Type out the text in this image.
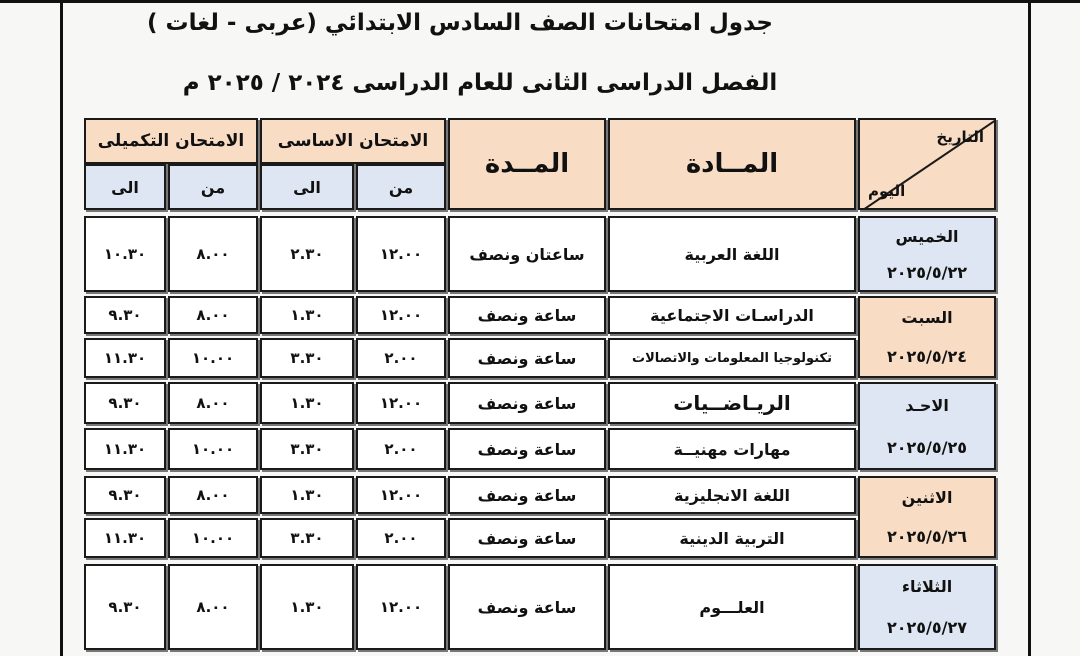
جدول امتحانات الصف السادس الابتدائي (عربى - لغات )
الفصل الدراسى الثانى للعام الدراسى ٢٠٢٤ / ٢٠٢٥ م
التاريخ
اليوم
المــادة
المــدة
الامتحان الاساسى
الامتحان التكميلى
من
الى
من
الى
الخميس
٢٠٢٥/٥/٢٢
السبت
٢٠٢٥/٥/٢٤
الاحـد
٢٠٢٥/٥/٢٥
الاثنين
٢٠٢٥/٥/٢٦
الثلاثاء
٢٠٢٥/٥/٢٧
اللغة العربية
ساعتان ونصف
١٢.٠٠
٢.٣٠
٨.٠٠
١٠.٣٠
الدراسـات الاجتماعية
ساعة ونصف
١٢.٠٠
١.٣٠
٨.٠٠
٩.٣٠
تكنولوجيا المعلومات والاتصالات
ساعة ونصف
٢.٠٠
٣.٣٠
١٠.٠٠
١١.٣٠
الريـاضــيات
ساعة ونصف
١٢.٠٠
١.٣٠
٨.٠٠
٩.٣٠
مهارات مهنيــة
ساعة ونصف
٢.٠٠
٣.٣٠
١٠.٠٠
١١.٣٠
اللغة الانجليزية
ساعة ونصف
١٢.٠٠
١.٣٠
٨.٠٠
٩.٣٠
التربية الدينية
ساعة ونصف
٢.٠٠
٣.٣٠
١٠.٠٠
١١.٣٠
العلـــوم
ساعة ونصف
١٢.٠٠
١.٣٠
٨.٠٠
٩.٣٠
